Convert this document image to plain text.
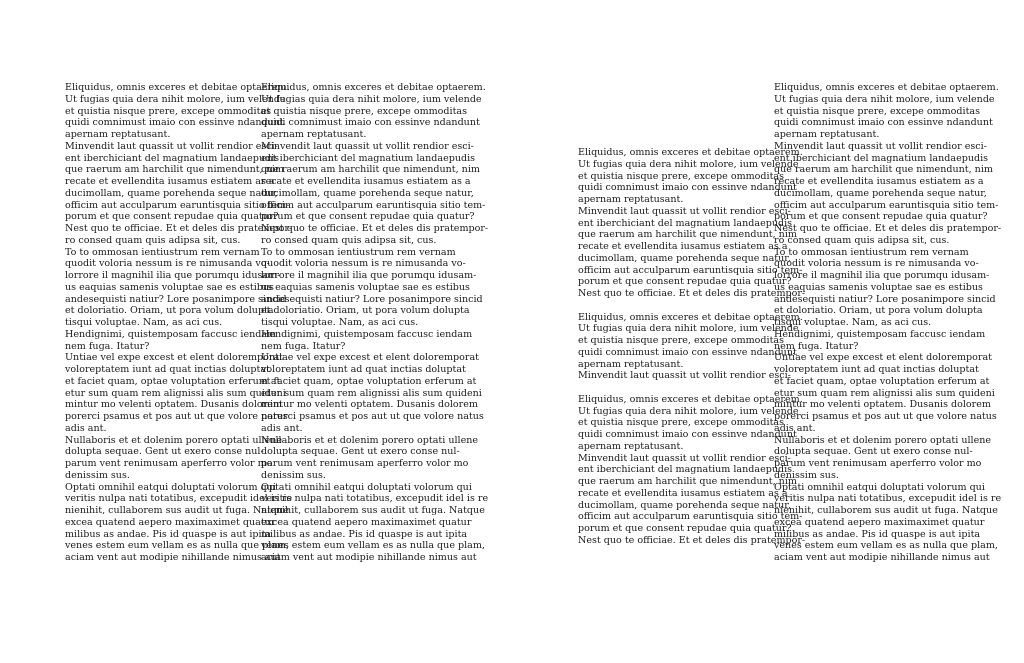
Eliquidus, omnis exceres et debitae optaerem.
Ut fugias quia dera nihit molore, ium velende
et quistia nisque prere, excepe ommoditas
quidi comnimust imaio con essinve ndandunt
apernam reptatusant.
Minvendit laut quassit ut vollit rendior esci-
ent iberchiciant del magnatium landaepudis
que raerum am harchilit que nimendunt, nim
recate et evellendita iusamus estiatem as a
ducimollam, quame porehenda seque natur,
officim aut acculparum earuntisquia sitio tem-
porum et que consent repudae quia quatur?
Nest quo te officiae. Et et deles dis pratempor-
ro consed quam quis adipsa sit, cus.
To to ommosan ientiustrum rem vernam
quodit voloria nessum is re nimusanda vo-
lorrore il magnihil ilia que porumqu idusam-
us eaquias samenis voluptae sae es estibus
andesequisti natiur? Lore posanimpore sincid
et doloriatio. Oriam, ut pora volum dolupta
tisqui voluptae. Nam, as aci cus.
Hendignimi, quistemposam faccusc iendam
nem fuga. Itatur?
Untiae vel expe excest et elent doloremporat
voloreptatem iunt ad quat inctias doluptat
et faciet quam, optae voluptation erferum at
etur sum quam rem alignissi alis sum quideni
mintur mo velenti optatem. Dusanis dolorem
porerci psamus et pos aut ut que volore natus
adis ant.
Nullaboris et et dolenim porero optati ullene
dolupta sequae. Gent ut exero conse nul-
parum vent renimusam aperferro volor mo
denissim sus.
Optati omnihil eatqui doluptati volorum qui
veritis nulpa nati totatibus, excepudit idel is re
nienihit, cullaborem sus audit ut fuga. Natque
excea quatend aepero maximaximet quatur
milibus as andae. Pis id quaspe is aut ipita
venes estem eum vellam es as nulla que plam,
aciam vent aut modipie nihillande nimus aut
Eliquidus, omnis exceres et debitae optaerem.
Ut fugias quia dera nihit molore, ium velende
et quistia nisque prere, excepe ommoditas
quidi comnimust imaio con essinve ndandunt
apernam reptatusant.
Minvendit laut quassit ut vollit rendior esci-
ent iberchiciant del magnatium landaepudis
que raerum am harchilit que nimendunt, nim
recate et evellendita iusamus estiatem as a
ducimollam, quame porehenda seque natur,
officim aut acculparum earuntisquia sitio tem-
porum et que consent repudae quia quatur?
Nest quo te officiae. Et et deles dis pratempor-
ro consed quam quis adipsa sit, cus.
To to ommosan ientiustrum rem vernam
quodit voloria nessum is re nimusanda vo-
lorrore il magnihil ilia que porumqu idusam-
us eaquias samenis voluptae sae es estibus
andesequisti natiur? Lore posanimpore sincid
et doloriatio. Oriam, ut pora volum dolupta
tisqui voluptae. Nam, as aci cus.
Hendignimi, quistemposam faccusc iendam
nem fuga. Itatur?
Untiae vel expe excest et elent doloremporat
voloreptatem iunt ad quat inctias doluptat
et faciet quam, optae voluptation erferum at
etur sum quam rem alignissi alis sum quideni
mintur mo velenti optatem. Dusanis dolorem
porerci psamus et pos aut ut que volore natus
adis ant.
Nullaboris et et dolenim porero optati ullene
dolupta sequae. Gent ut exero conse nul-
parum vent renimusam aperferro volor mo
denissim sus.
Optati omnihil eatqui doluptati volorum qui
veritis nulpa nati totatibus, excepudit idel is re
nienihit, cullaborem sus audit ut fuga. Natque
excea quatend aepero maximaximet quatur
milibus as andae. Pis id quaspe is aut ipita
venes estem eum vellam es as nulla que plam,
aciam vent aut modipie nihillande nimus aut
Eliquidus, omnis exceres et debitae optaerem.
Ut fugias quia dera nihit molore, ium velende
et quistia nisque prere, excepe ommoditas
quidi comnimust imaio con essinve ndandunt
apernam reptatusant.
Minvendit laut quassit ut vollit rendior esci-
ent iberchiciant del magnatium landaepudis
que raerum am harchilit que nimendunt, nim
recate et evellendita iusamus estiatem as a
ducimollam, quame porehenda seque natur,
officim aut acculparum earuntisquia sitio tem-
porum et que consent repudae quia quatur?
Nest quo te officiae. Et et deles dis pratempor-
Eliquidus, omnis exceres et debitae optaerem.
Ut fugias quia dera nihit molore, ium velende
et quistia nisque prere, excepe ommoditas
quidi comnimust imaio con essinve ndandunt
apernam reptatusant.
Minvendit laut quassit ut vollit rendior esci-
Eliquidus, omnis exceres et debitae optaerem.
Ut fugias quia dera nihit molore, ium velende
et quistia nisque prere, excepe ommoditas
quidi comnimust imaio con essinve ndandunt
apernam reptatusant.
Minvendit laut quassit ut vollit rendior esci-
ent iberchiciant del magnatium landaepudis
que raerum am harchilit que nimendunt, nim
recate et evellendita iusamus estiatem as a
ducimollam, quame porehenda seque natur,
officim aut acculparum earuntisquia sitio tem-
porum et que consent repudae quia quatur?
Nest quo te officiae. Et et deles dis pratempor-
Eliquidus, omnis exceres et debitae optaerem.
Ut fugias quia dera nihit molore, ium velende
et quistia nisque prere, excepe ommoditas
quidi comnimust imaio con essinve ndandunt
apernam reptatusant.
Minvendit laut quassit ut vollit rendior esci-
ent iberchiciant del magnatium landaepudis
que raerum am harchilit que nimendunt, nim
recate et evellendita iusamus estiatem as a
ducimollam, quame porehenda seque natur,
officim aut acculparum earuntisquia sitio tem-
porum et que consent repudae quia quatur?
Nest quo te officiae. Et et deles dis pratempor-
ro consed quam quis adipsa sit, cus.
To to ommosan ientiustrum rem vernam
quodit voloria nessum is re nimusanda vo-
lorrore il magnihil ilia que porumqu idusam-
us eaquias samenis voluptae sae es estibus
andesequisti natiur? Lore posanimpore sincid
et doloriatio. Oriam, ut pora volum dolupta
tisqui voluptae. Nam, as aci cus.
Hendignimi, quistemposam faccusc iendam
nem fuga. Itatur?
Untiae vel expe excest et elent doloremporat
voloreptatem iunt ad quat inctias doluptat
et faciet quam, optae voluptation erferum at
etur sum quam rem alignissi alis sum quideni
mintur mo velenti optatem. Dusanis dolorem
porerci psamus et pos aut ut que volore natus
adis ant.
Nullaboris et et dolenim porero optati ullene
dolupta sequae. Gent ut exero conse nul-
parum vent renimusam aperferro volor mo
denissim sus.
Optati omnihil eatqui doluptati volorum qui
veritis nulpa nati totatibus, excepudit idel is re
nienihit, cullaborem sus audit ut fuga. Natque
excea quatend aepero maximaximet quatur
milibus as andae. Pis id quaspe is aut ipita
venes estem eum vellam es as nulla que plam,
aciam vent aut modipie nihillande nimus aut
